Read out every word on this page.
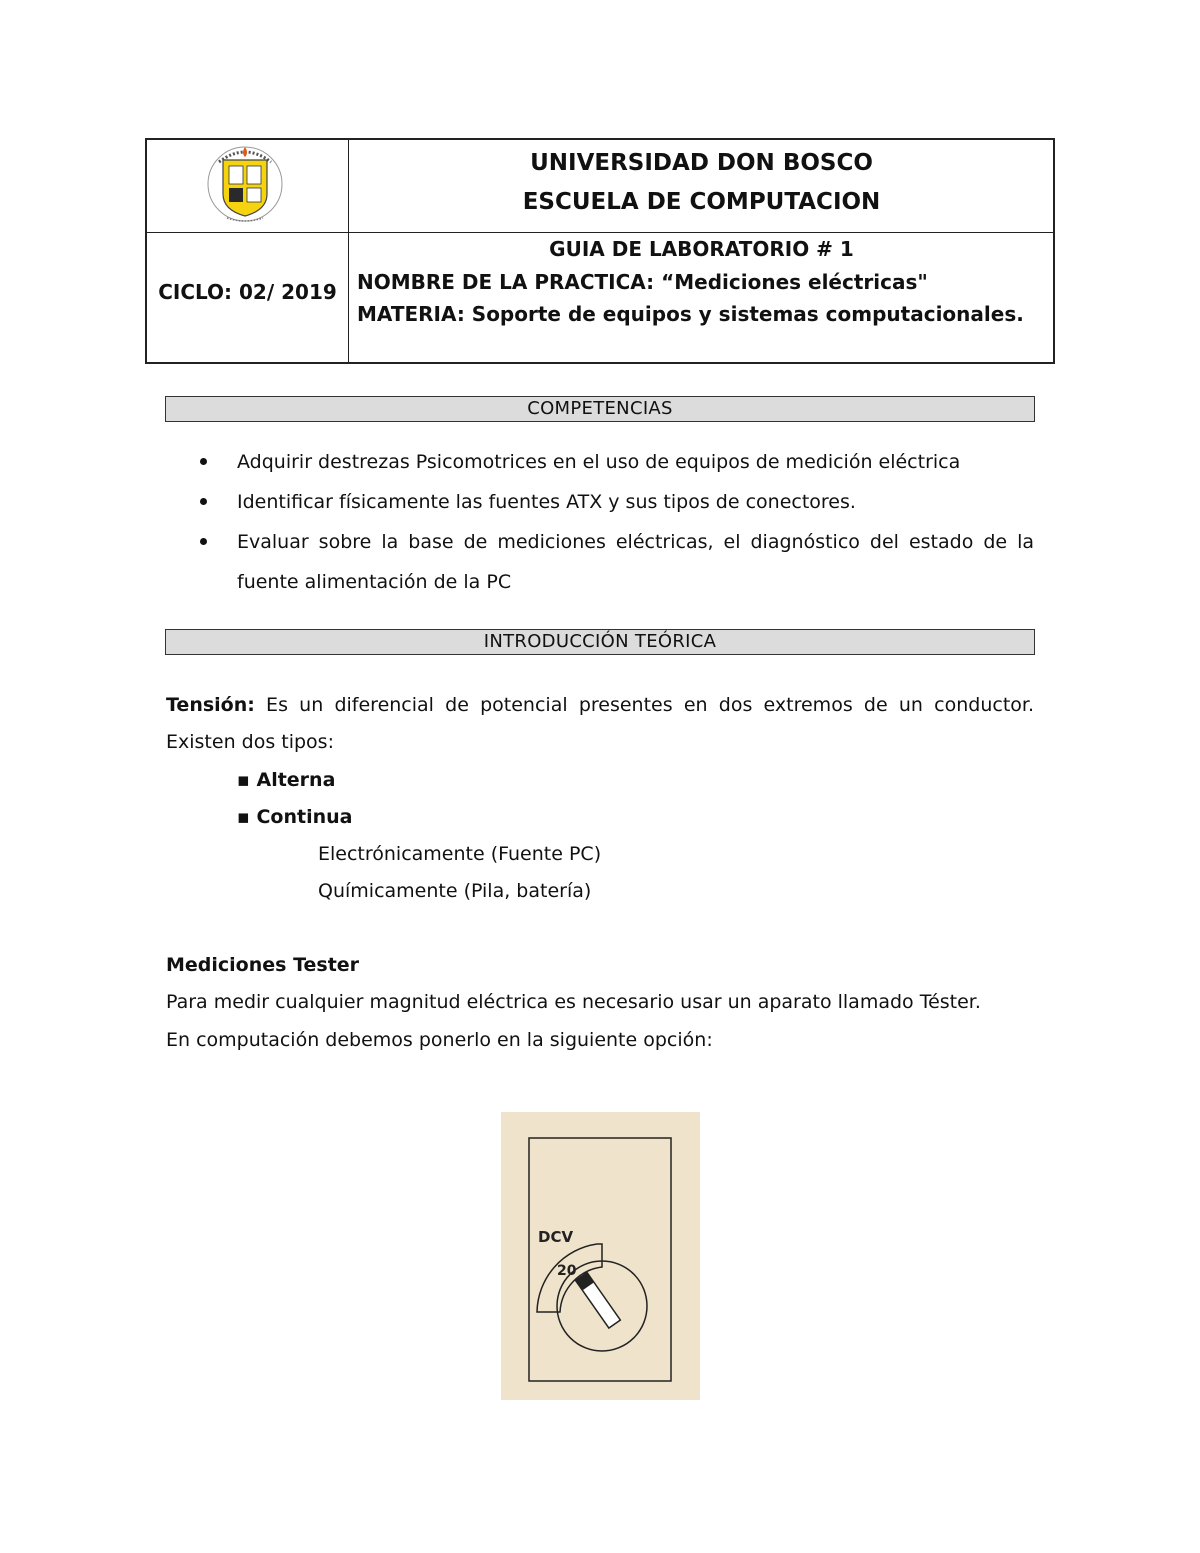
UNIVERSIDAD DON BOSCO
ESCUELA DE COMPUTACION
CICLO: 02/ 2019
GUIA DE LABORATORIO # 1
NOMBRE DE LA PRACTICA: “Mediciones eléctricas"
MATERIA: Soporte de equipos y sistemas computacionales.
COMPETENCIAS
Adquirir destrezas Psicomotrices en el uso de equipos de medición eléctrica
Identificar físicamente las fuentes ATX y sus tipos de conectores.
Evaluar sobre la base de mediciones eléctricas, el diagnóstico del estado de la fuente alimentación de la PC
INTRODUCCIÓN TEÓRICA
Tensión: Es un diferencial de potencial presentes en dos extremos de un conductor. Existen dos tipos:
▪ Alterna
▪ Continua
Electrónicamente (Fuente PC)
Químicamente (Pila, batería)
Mediciones Tester
Para medir cualquier magnitud eléctrica es necesario usar un aparato llamado Téster.
En computación debemos ponerlo en la siguiente opción:
DCV
20
